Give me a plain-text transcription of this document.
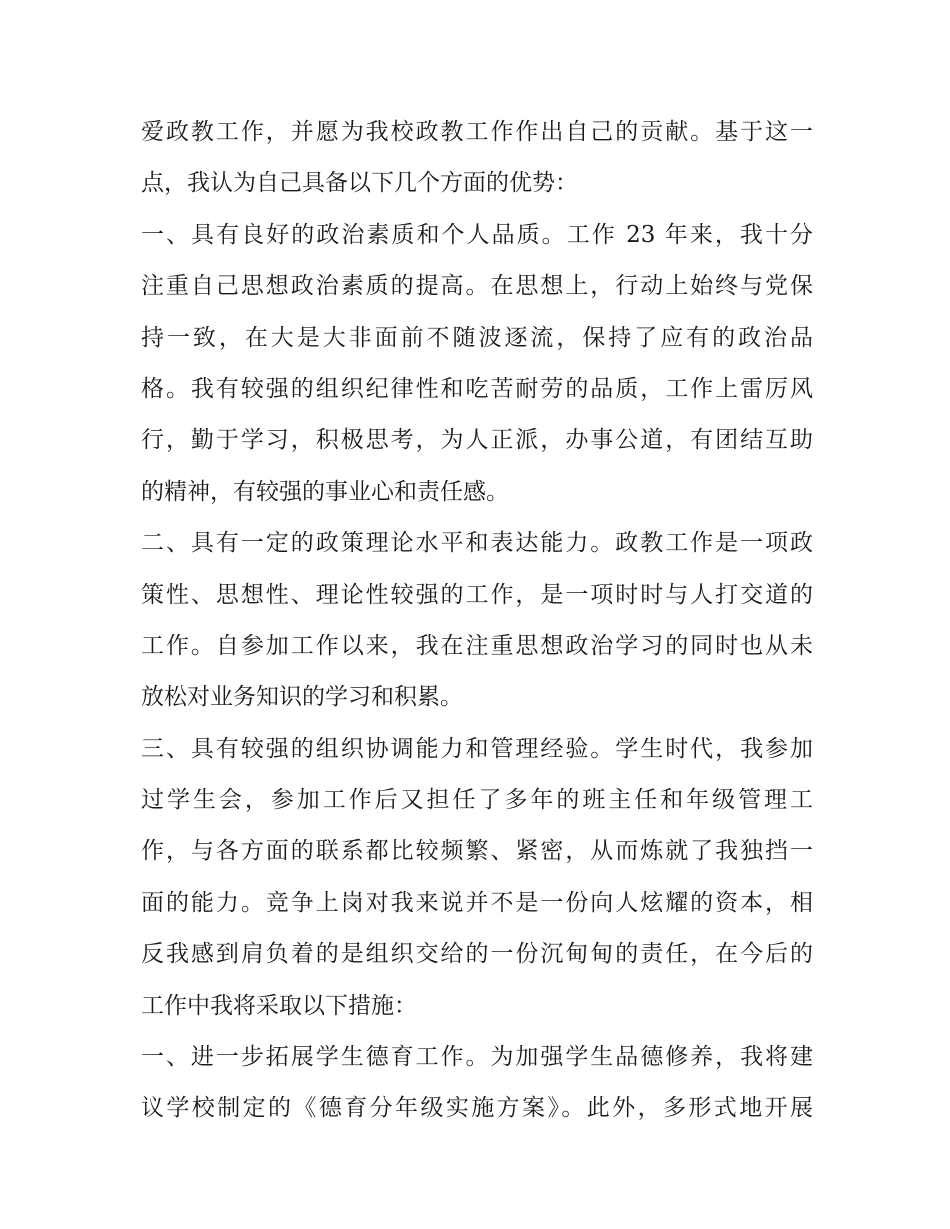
爱政教工作，并愿为我校政教工作作出自己的贡献。基于这一
点，我认为自己具备以下几个方面的优势：
一、具有良好的政治素质和个人品质。工作 23 年来，我十分
注重自己思想政治素质的提高。在思想上，行动上始终与党保
持一致，在大是大非面前不随波逐流，保持了应有的政治品
格。我有较强的组织纪律性和吃苦耐劳的品质，工作上雷厉风
行，勤于学习，积极思考，为人正派，办事公道，有团结互助
的精神，有较强的事业心和责任感。
二、具有一定的政策理论水平和表达能力。政教工作是一项政
策性、思想性、理论性较强的工作，是一项时时与人打交道的
工作。自参加工作以来，我在注重思想政治学习的同时也从未
放松对业务知识的学习和积累。
三、具有较强的组织协调能力和管理经验。学生时代，我参加
过学生会，参加工作后又担任了多年的班主任和年级管理工
作，与各方面的联系都比较频繁、紧密，从而炼就了我独挡一
面的能力。竞争上岗对我来说并不是一份向人炫耀的资本，相
反我感到肩负着的是组织交给的一份沉甸甸的责任，在今后的
工作中我将采取以下措施：
一、进一步拓展学生德育工作。为加强学生品德修养，我将建
议学校制定的《德育分年级实施方案》。此外，多形式地开展
